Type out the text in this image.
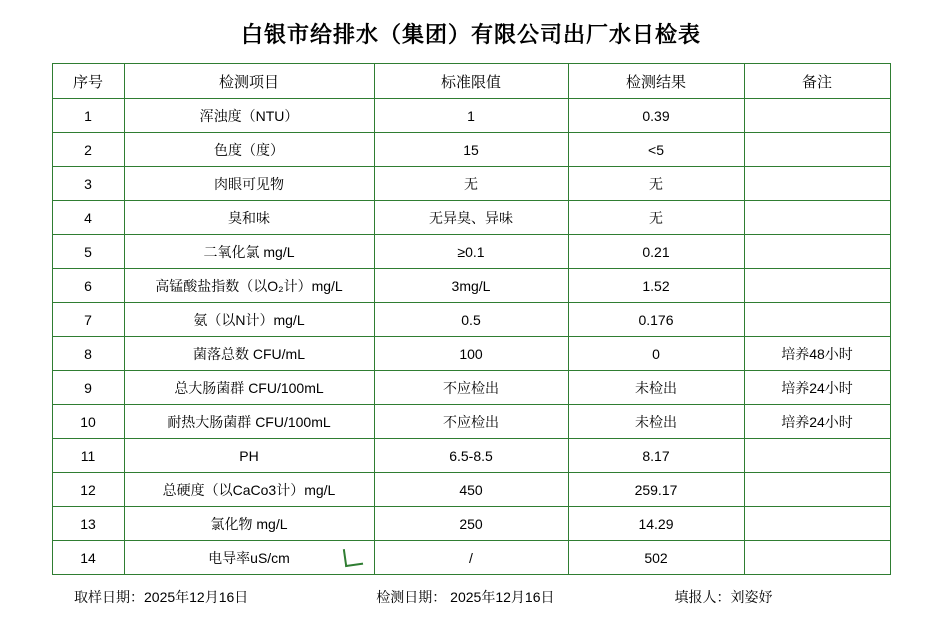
白银市给排水（集团）有限公司出厂水日检表
序号	检测项目	标准限值	检测结果	备注
1	浑浊度（NTU）	1	0.39	
2	色度（度）	15	<5	
3	肉眼可见物	无	无	
4	臭和味	无异臭、异味	无	
5	二氧化氯 mg/L	≥0.1	0.21	
6	高锰酸盐指数（以O₂计）mg/L	3mg/L	1.52	
7	氨（以N计）mg/L	0.5	0.176	
8	菌落总数 CFU/mL	100	0	培养48小时
9	总大肠菌群 CFU/100mL	不应检出	未检出	培养24小时
10	耐热大肠菌群 CFU/100mL	不应检出	未检出	培养24小时
11	PH	6.5-8.5	8.17	
12	总硬度（以CaCo3计）mg/L	450	259.17	
13	氯化物 mg/L	250	14.29	
14	电导率uS/cm	/	502	
取样日期：2025年12月16日	检测日期： 2025年12月16日	填报人：刘姿妤
